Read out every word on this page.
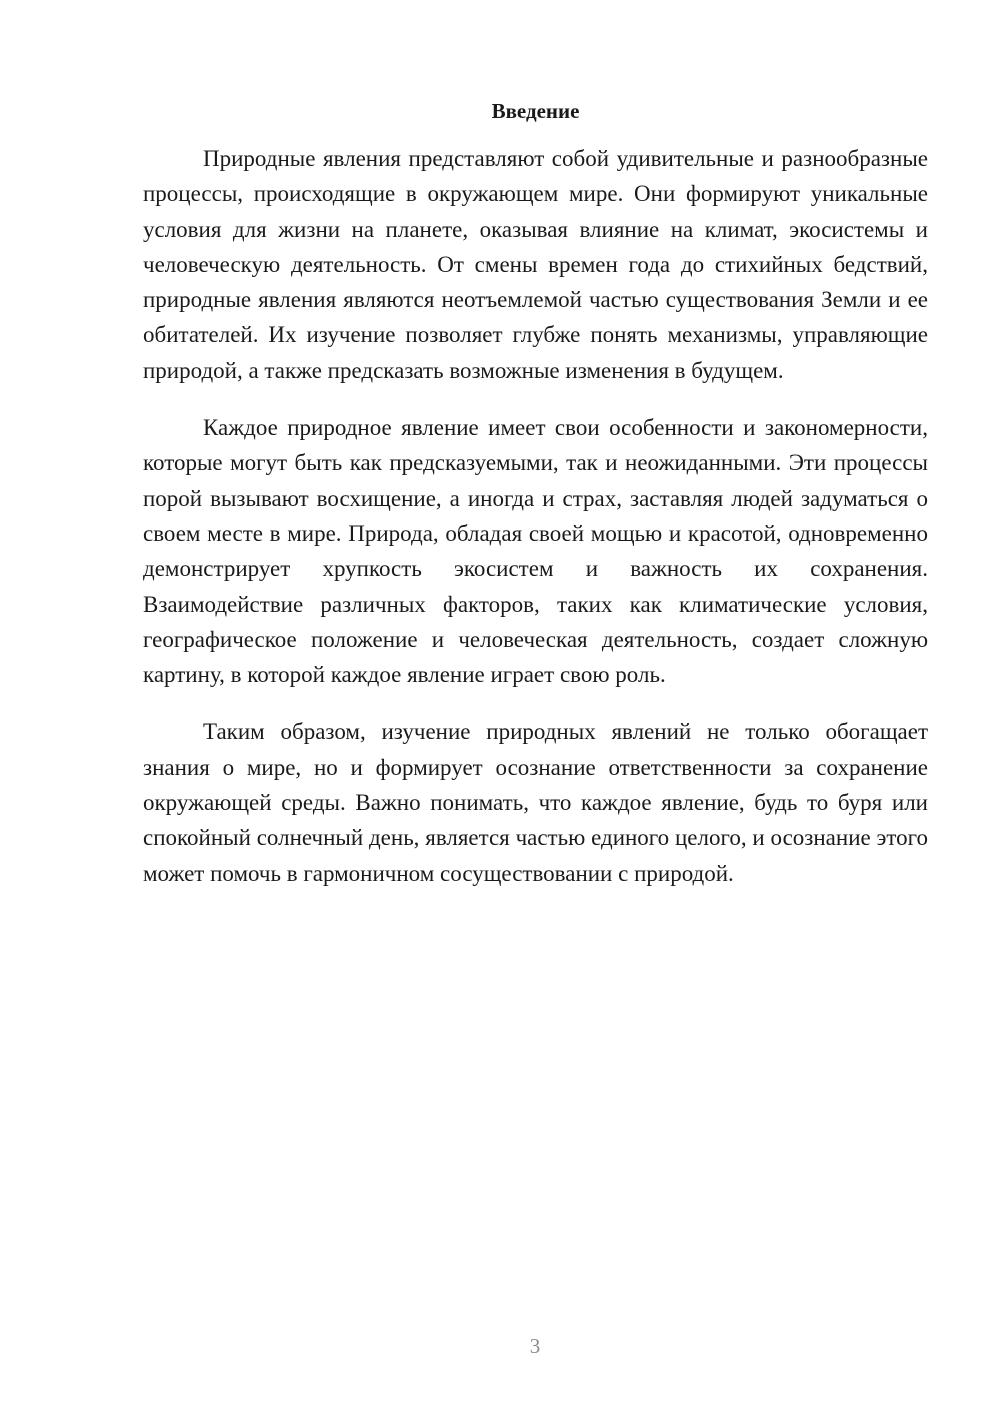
Введение

Природные явления представляют собой удивительные и разнообразные процессы, происходящие в окружающем мире. Они формируют уникальные условия для жизни на планете, оказывая влияние на климат, экосистемы и человеческую деятельность. От смены времен года до стихийных бедствий, природные явления являются неотъемлемой частью существования Земли и ее обитателей. Их изучение позволяет глубже понять механизмы, управляющие природой, а также предсказать возможные изменения в будущем.

Каждое природное явление имеет свои особенности и закономерности, которые могут быть как предсказуемыми, так и неожиданными. Эти процессы порой вызывают восхищение, а иногда и страх, заставляя людей задуматься о своем месте в мире. Природа, обладая своей мощью и красотой, одновременно демонстрирует хрупкость экосистем и важность их сохранения. Взаимодействие различных факторов, таких как климатические условия, географическое положение и человеческая деятельность, создает сложную картину, в которой каждое явление играет свою роль.

Таким образом, изучение природных явлений не только обогащает знания о мире, но и формирует осознание ответственности за сохранение окружающей среды. Важно понимать, что каждое явление, будь то буря или спокойный солнечный день, является частью единого целого, и осознание этого может помочь в гармоничном сосуществовании с природой.

3
